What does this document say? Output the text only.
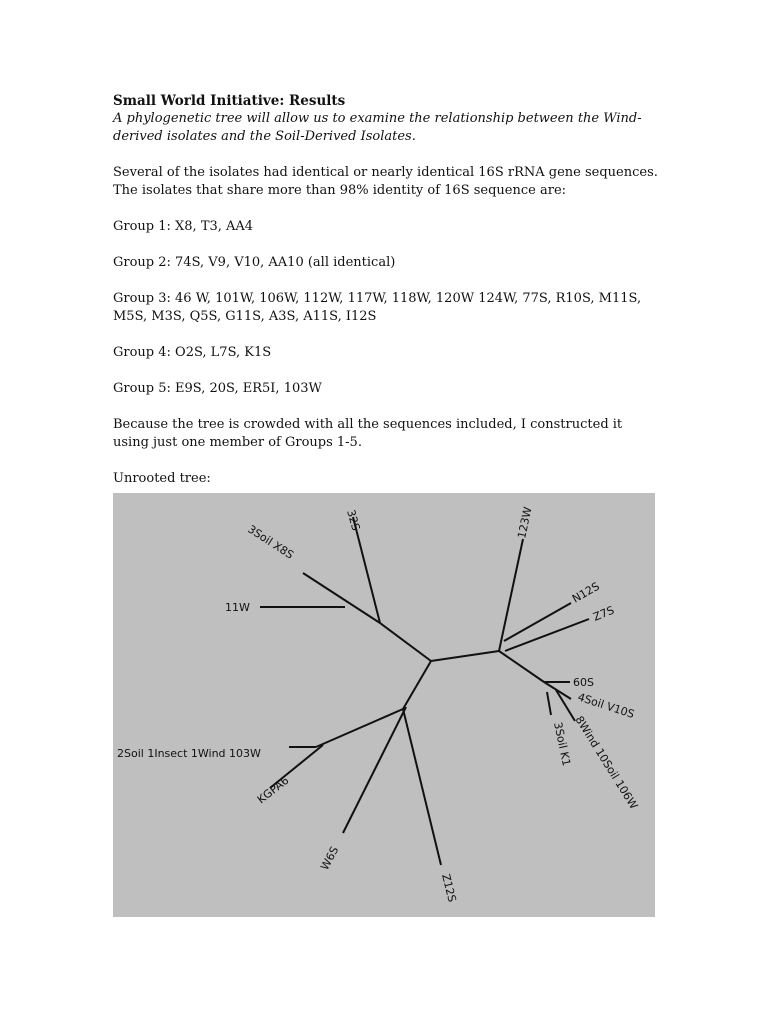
Small World Initiative: Results
A phylogenetic tree will allow us to examine the relationship between the Wind-derived isolates and the Soil-Derived Isolates.
Several of the isolates had identical or nearly identical 16S rRNA gene sequences. The isolates that share more than 98% identity of 16S sequence are:
Group 1: X8, T3, AA4
Group 2: 74S, V9, V10, AA10 (all identical)
Group 3: 46 W, 101W, 106W, 112W, 117W, 118W, 120W 124W, 77S, R10S, M11S, M5S, M3S, Q5S, G11S, A3S, A11S, I12S
Group 4: O2S, L7S, K1S
Group 5: E9S, 20S, ER5I, 103W
Because the tree is crowded with all the sequences included, I constructed it using just one member of Groups 1-5.
Unrooted tree:
32S
3Soil X8S
11W
123W
N12S
Z7S
60S
4Soil V10S
8Wind 10Soil 106W
3Soil K1
2Soil 1Insect 1Wind 103W
KGPA6
W6S
Z12S
